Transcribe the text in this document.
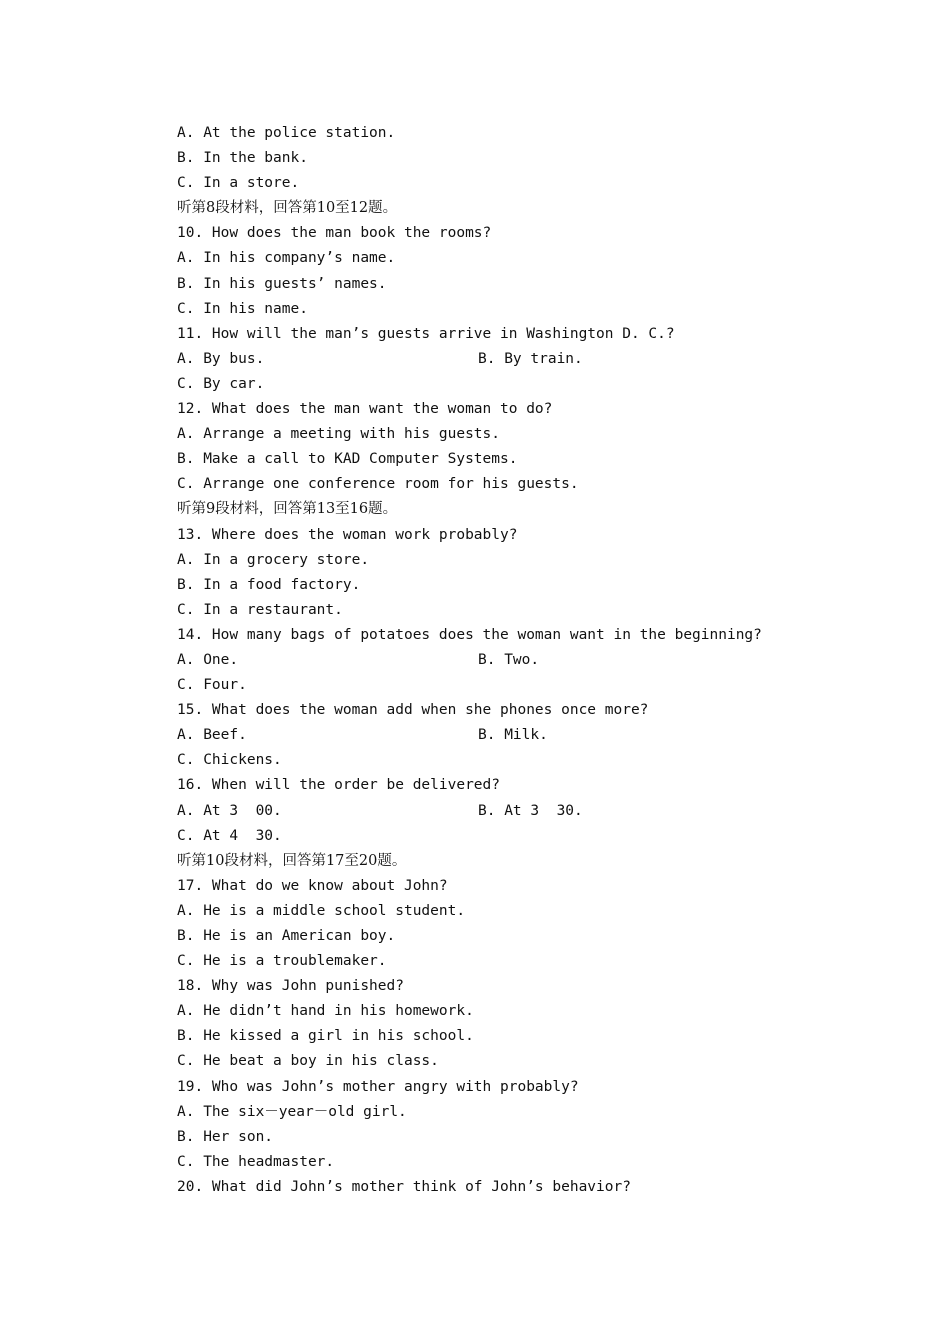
A. At the police station.
B. In the bank.
C. In a store.
听第8段材料，回答第10至12题。
10. How does the man book the rooms?
A. In his company’s name.
B. In his guests’ names.
C. In his name.
11. How will the man’s guests arrive in Washington D. C.?
A. By bus.	B. By train.
C. By car.
12. What does the man want the woman to do?
A. Arrange a meeting with his guests.
B. Make a call to KAD Computer Systems.
C. Arrange one conference room for his guests.
听第9段材料，回答第13至16题。
13. Where does the woman work probably?
A. In a grocery store.
B. In a food factory.
C. In a restaurant.
14. How many bags of potatoes does the woman want in the beginning?
A. One.	B. Two.
C. Four.
15. What does the woman add when she phones once more?
A. Beef.	B. Milk.
C. Chickens.
16. When will the order be delivered?
A. At 3  00.	B. At 3  30.
C. At 4  30.
听第10段材料，回答第17至20题。
17. What do we know about John?
A. He is a middle school student.
B. He is an American boy.
C. He is a troublemaker.
18. Why was John punished?
A. He didn’t hand in his homework.
B. He kissed a girl in his school.
C. He beat a boy in his class.
19. Who was John’s mother angry with probably?
A. The six－year－old girl.
B. Her son.
C. The headmaster.
20. What did John’s mother think of John’s behavior?
